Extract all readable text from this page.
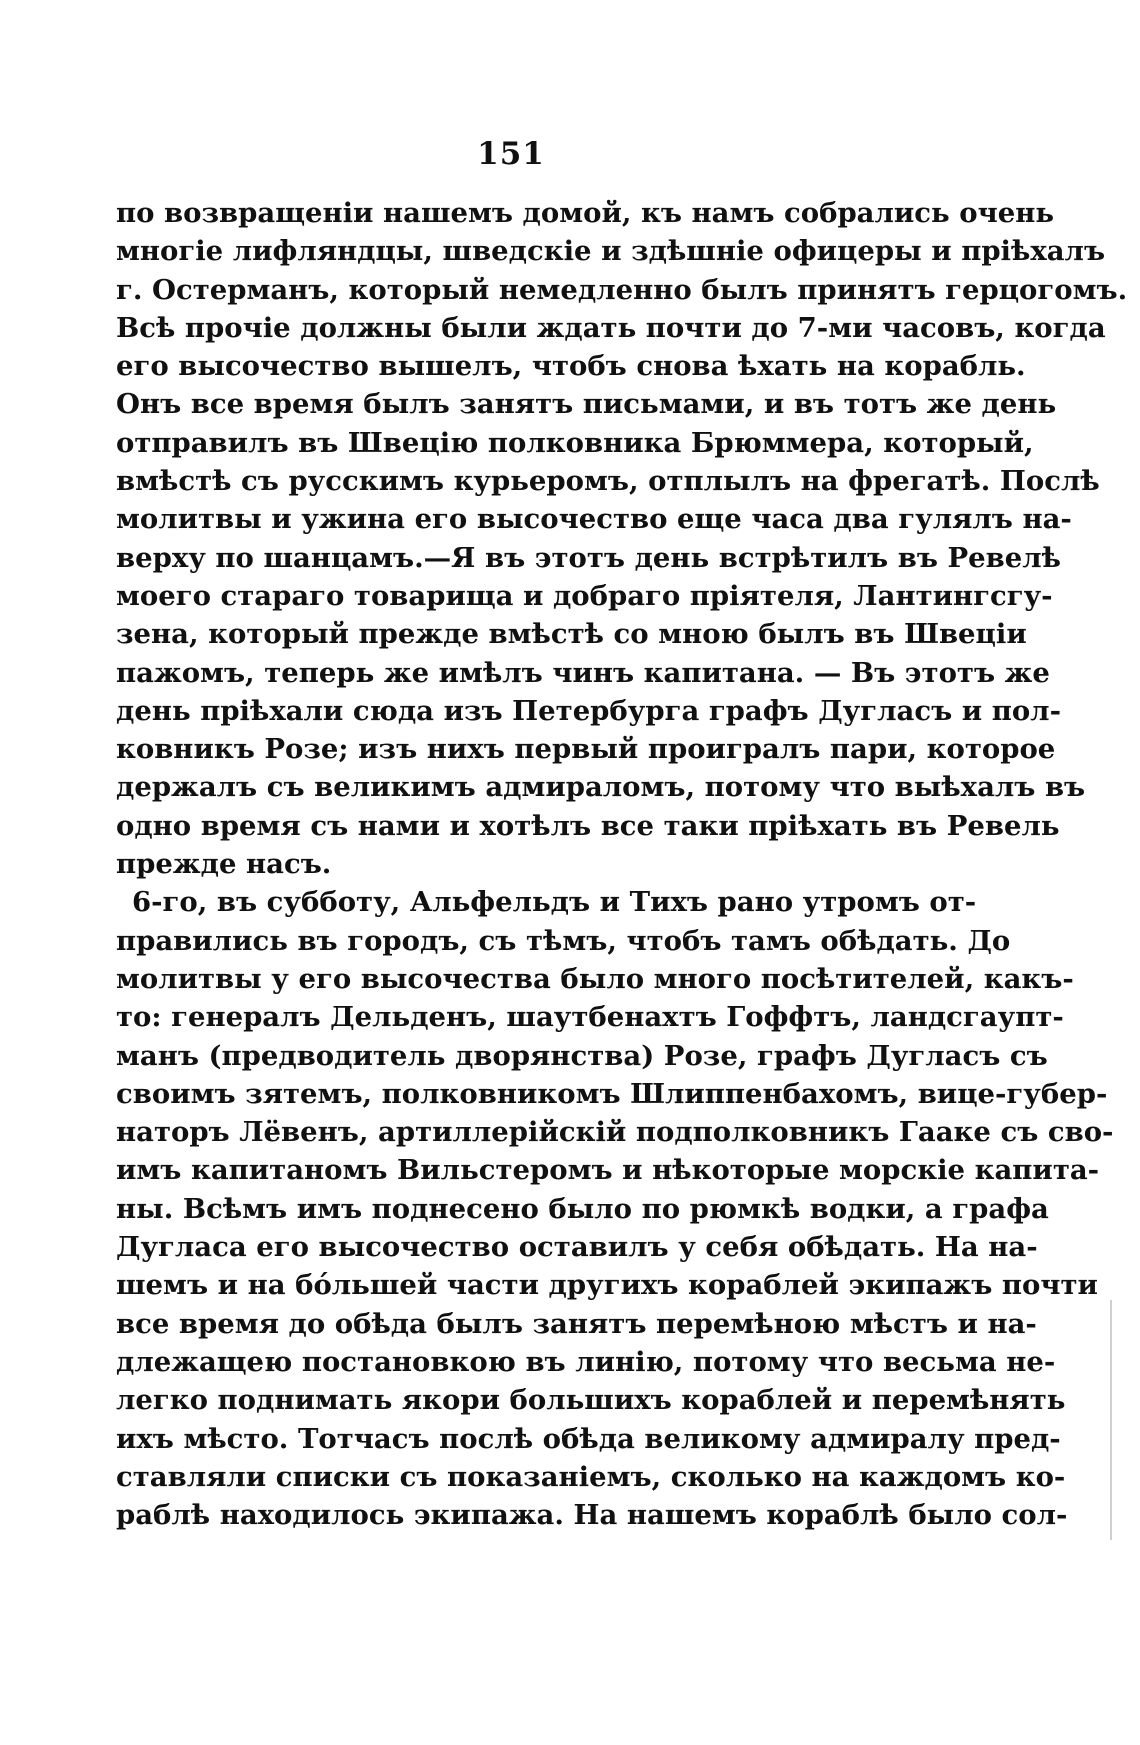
151
по возвращенiи нашемъ домой, къ намъ собрались очень
многiе лифляндцы, шведскiе и здѣшнiе офицеры и прiѣхалъ
г. Остерманъ, который немедленно былъ принятъ герцогомъ.
Всѣ прочiе должны были ждать почти до 7-ми часовъ, когда
его высочество вышелъ, чтобъ снова ѣхать на корабль.
Онъ все время былъ занятъ письмами, и въ тотъ же день
отправилъ въ Швецiю полковника Брюммера, который,
вмѣстѣ съ русскимъ курьеромъ, отплылъ на фрегатѣ. Послѣ
молитвы и ужина его высочество еще часа два гулялъ на-
верху по шанцамъ.—Я въ этотъ день встрѣтилъ въ Ревелѣ
моего стараго товарища и добраго прiятеля, Лантингсгу-
зена, который прежде вмѣстѣ со мною былъ въ Швецiи
пажомъ, теперь же имѣлъ чинъ капитана. — Въ этотъ же
день прiѣхали сюда изъ Петербурга графъ Дугласъ и пол-
ковникъ Розе; изъ нихъ первый проигралъ пари, которое
держалъ съ великимъ адмираломъ, потому что выѣхалъ въ
одно время съ нами и хотѣлъ все таки прiѣхать въ Ревель
прежде насъ.
6-го, въ субботу, Альфельдъ и Тихъ рано утромъ от-
правились въ городъ, съ тѣмъ, чтобъ тамъ обѣдать. До
молитвы у его высочества было много посѣтителей, какъ-
то: генералъ Дельденъ, шаутбенахтъ Гоффтъ, ландсгаупт-
манъ (предводитель дворянства) Розе, графъ Дугласъ съ
своимъ зятемъ, полковникомъ Шлиппенбахомъ, вице-губер-
наторъ Лёвенъ, артиллерiйскiй подполковникъ Гааке съ сво-
имъ капитаномъ Вильстеромъ и нѣкоторые морскiе капита-
ны. Всѣмъ имъ поднесено было по рюмкѣ водки, а графа
Дугласа его высочество оставилъ у себя обѣдать. На на-
шемъ и на бо́льшей части другихъ кораблей экипажъ почти
все время до обѣда былъ занятъ перемѣною мѣстъ и на-
длежащею постановкою въ линiю, потому что весьма не-
легко поднимать якори большихъ кораблей и перемѣнять
ихъ мѣсто. Тотчасъ послѣ обѣда великому адмиралу пред-
ставляли списки съ показанiемъ, сколько на каждомъ ко-
раблѣ находилось экипажа. На нашемъ кораблѣ было сол-
